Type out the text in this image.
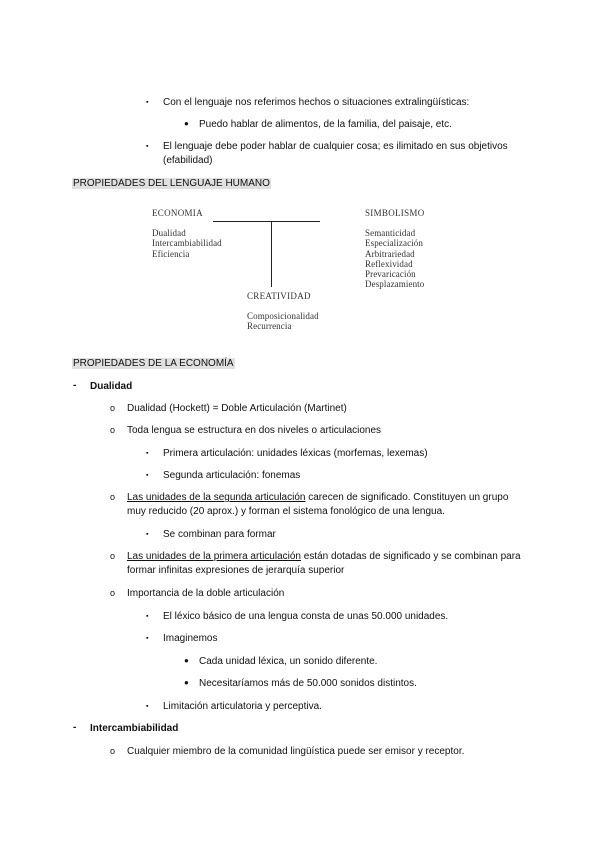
▪ Con el lenguaje nos referimos hechos o situaciones extralingüísticas:
● Puedo hablar de alimentos, de la familia, del paisaje, etc.
▪ El lenguaje debe poder hablar de cualquier cosa; es ilimitado en sus objetivos
(efabilidad)
PROPIEDADES DEL LENGUAJE HUMANO
ECONOMIA
Dualidad
Intercambiabilidad
Eficiencia
SIMBOLISMO
Semanticidad
Especialización
Arbitrariedad
Reflexividad
Prevaricación
Desplazamiento
CREATIVIDAD
Composicionalidad
Recurrencia
PROPIEDADES DE LA ECONOMÍA
- Dualidad
o Dualidad (Hockett) = Doble Articulación (Martinet)
o Toda lengua se estructura en dos niveles o articulaciones
▪ Primera articulación: unidades léxicas (morfemas, lexemas)
▪ Segunda articulación: fonemas
o Las unidades de la segunda articulación carecen de significado. Constituyen un grupo
muy reducido (20 aprox.) y forman el sistema fonológico de una lengua.
▪ Se combinan para formar
o Las unidades de la primera articulación están dotadas de significado y se combinan para
formar infinitas expresiones de jerarquía superior
o Importancia de la doble articulación
▪ El léxico básico de una lengua consta de unas 50.000 unidades.
▪ Imaginemos
● Cada unidad léxica, un sonido diferente.
● Necesitaríamos más de 50.000 sonidos distintos.
▪ Limitación articulatoria y perceptiva.
- Intercambiabilidad
o Cualquier miembro de la comunidad lingüística puede ser emisor y receptor.
